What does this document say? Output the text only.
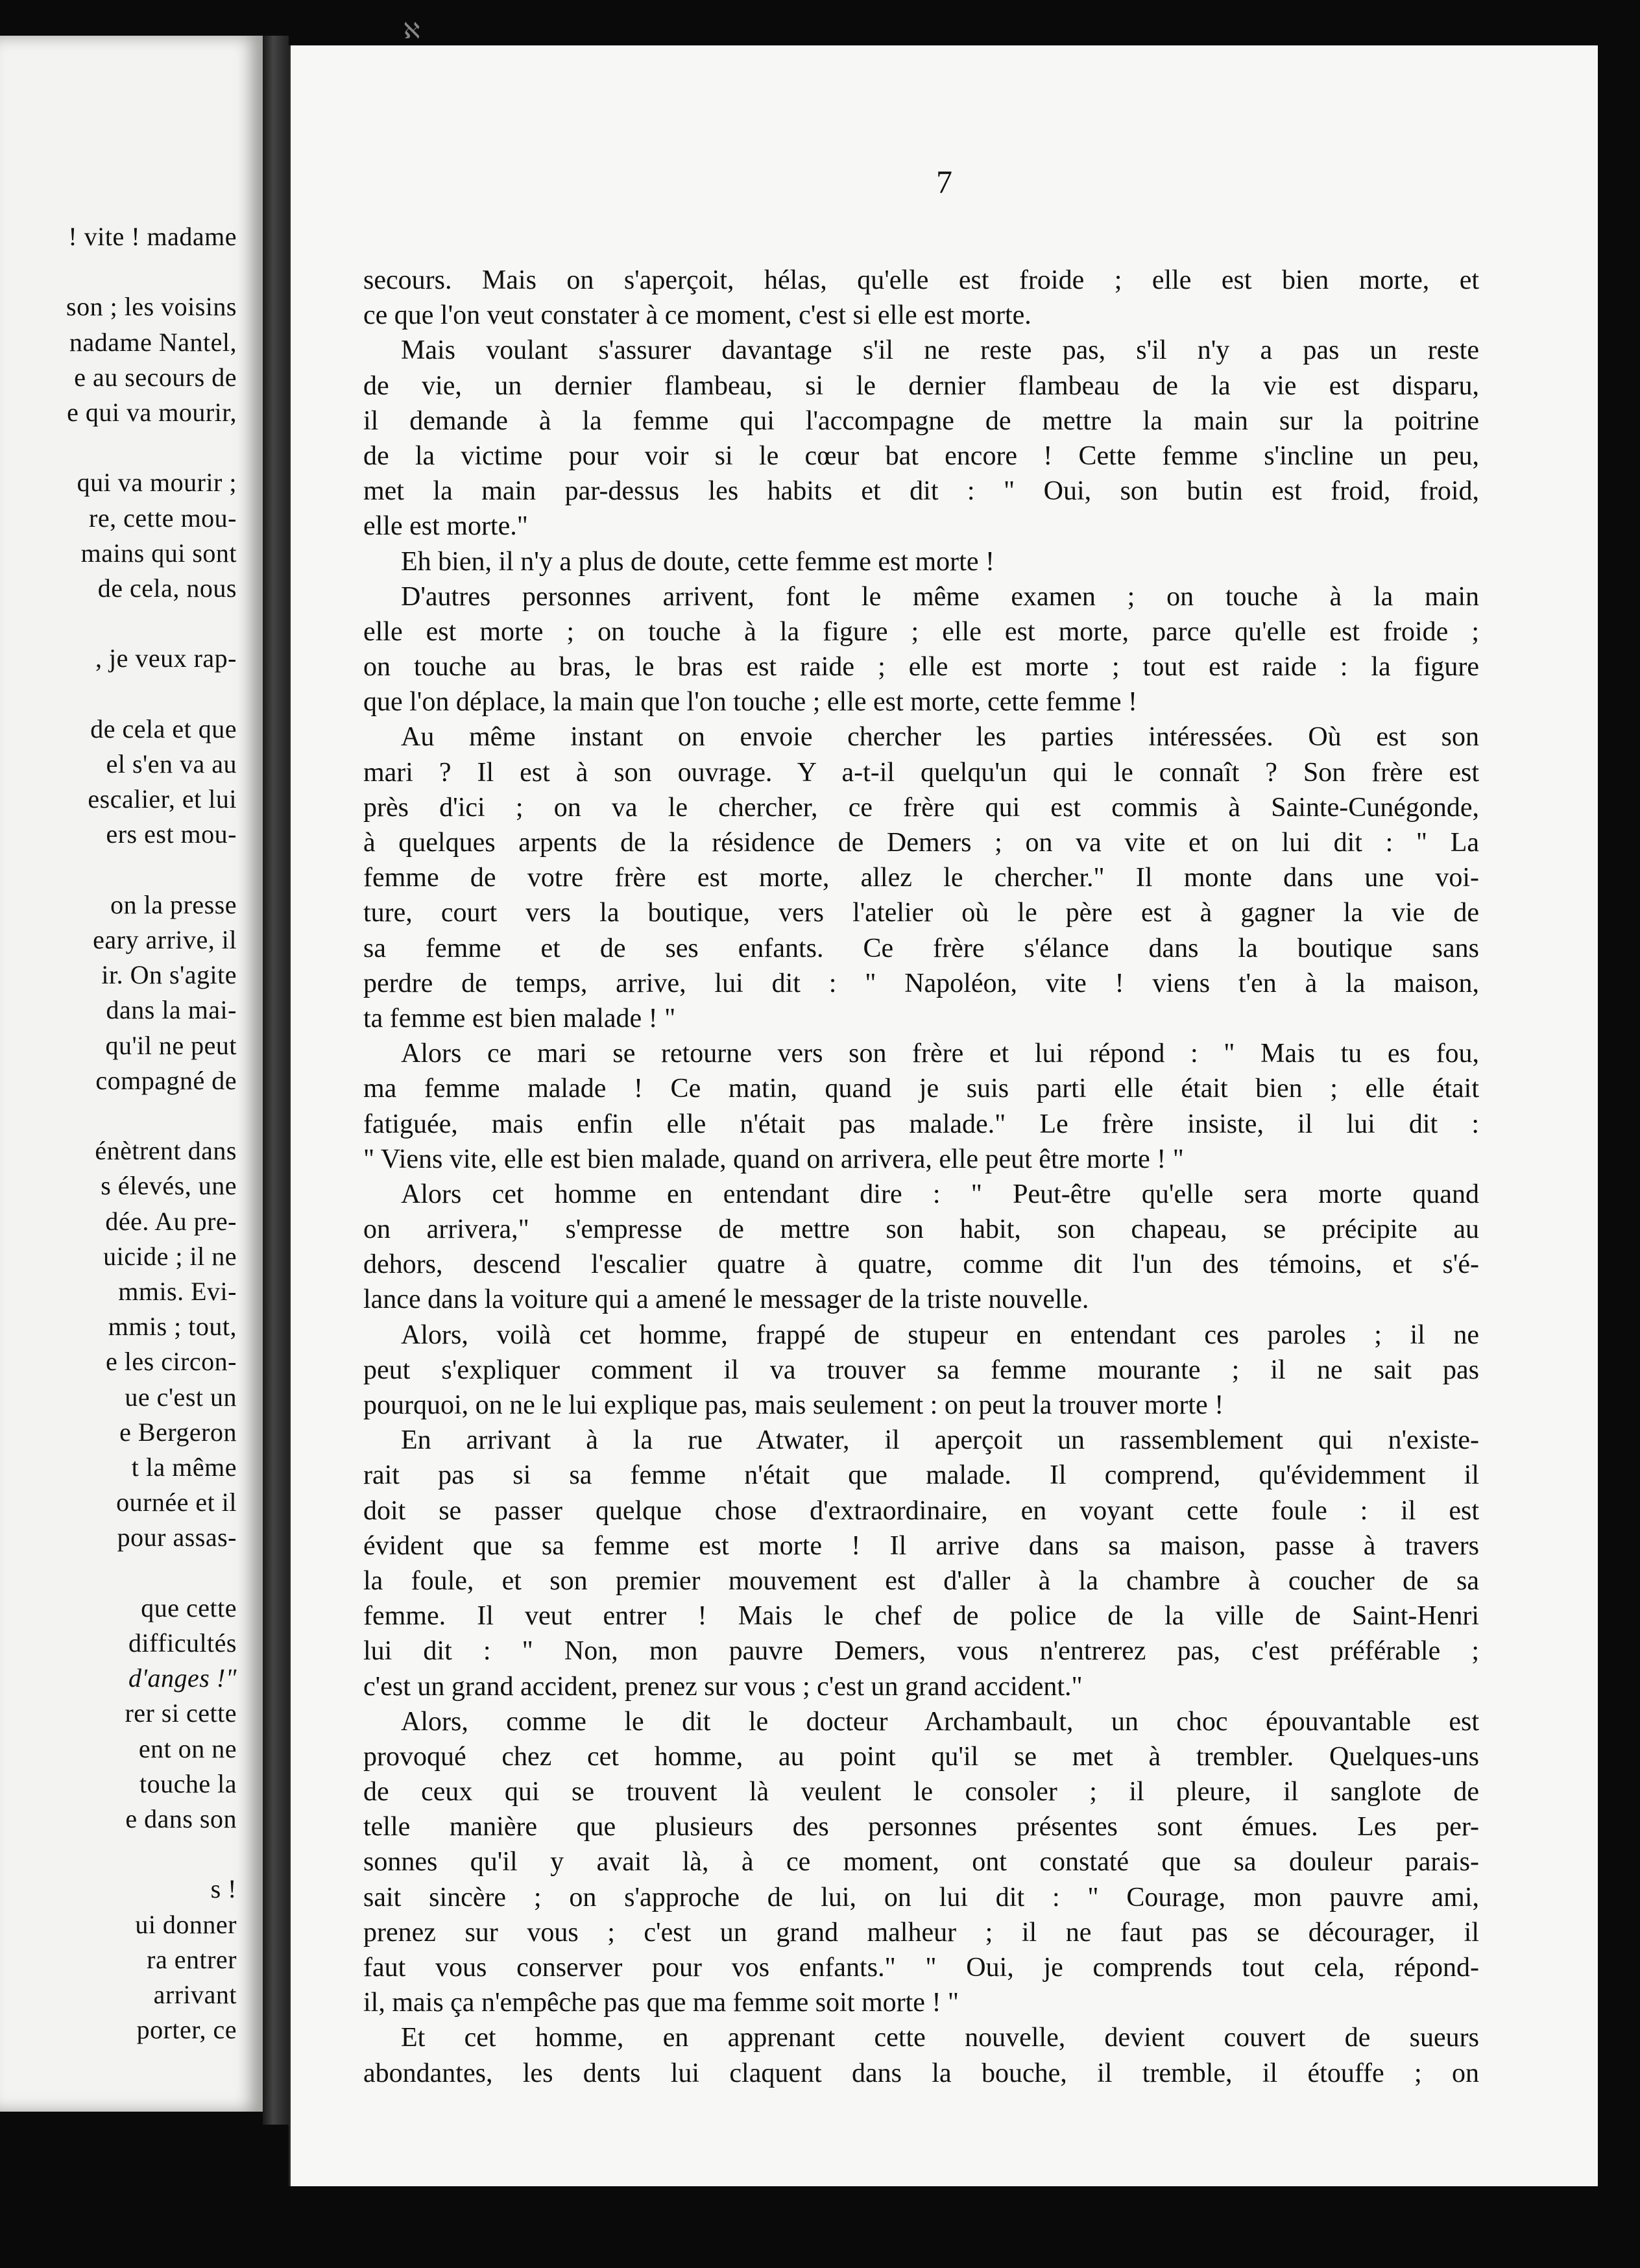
ℵ
! vite ! madame
son ; les voisins
nadame Nantel,
e au secours de
e qui va mourir,
qui va mourir ;
re, cette mou-
mains qui sont
de cela, nous
, je veux rap-
de cela et que
el s'en va au
escalier, et lui
ers est mou-
on la presse
eary arrive, il
ir. On s'agite
dans la mai-
qu'il ne peut
compagné de
énètrent dans
s élevés, une
dée. Au pre-
uicide ; il ne
mmis. Evi-
mmis ; tout,
e les circon-
ue c'est un
e Bergeron
t la même
ournée et il
pour assas-
que cette
difficultés
d'anges !"
rer si cette
ent on ne
touche la
e dans son
s !
ui donner
ra entrer
arrivant
porter, ce
7
secours. Mais on s'aperçoit, hélas, qu'elle est froide ; elle est bien morte, et
ce que l'on veut constater à ce moment, c'est si elle est morte.
Mais voulant s'assurer davantage s'il ne reste pas, s'il n'y a pas un reste
de vie, un dernier flambeau, si le dernier flambeau de la vie est disparu,
il demande à la femme qui l'accompagne de mettre la main sur la poitrine
de la victime pour voir si le cœur bat encore ! Cette femme s'incline un peu,
met la main par-dessus les habits et dit : " Oui, son butin est froid, froid,
elle est morte."
Eh bien, il n'y a plus de doute, cette femme est morte !
D'autres personnes arrivent, font le même examen ; on touche à la main
elle est morte ; on touche à la figure ; elle est morte, parce qu'elle est froide ;
on touche au bras, le bras est raide ; elle est morte ; tout est raide : la figure
que l'on déplace, la main que l'on touche ; elle est morte, cette femme !
Au même instant on envoie chercher les parties intéressées. Où est son
mari ? Il est à son ouvrage. Y a-t-il quelqu'un qui le connaît ? Son frère est
près d'ici ; on va le chercher, ce frère qui est commis à Sainte-Cunégonde,
à quelques arpents de la résidence de Demers ; on va vite et on lui dit : " La
femme de votre frère est morte, allez le chercher." Il monte dans une voi-
ture, court vers la boutique, vers l'atelier où le père est à gagner la vie de
sa femme et de ses enfants. Ce frère s'élance dans la boutique sans
perdre de temps, arrive, lui dit : " Napoléon, vite ! viens t'en à la maison,
ta femme est bien malade ! "
Alors ce mari se retourne vers son frère et lui répond : " Mais tu es fou,
ma femme malade ! Ce matin, quand je suis parti elle était bien ; elle était
fatiguée, mais enfin elle n'était pas malade." Le frère insiste, il lui dit :
" Viens vite, elle est bien malade, quand on arrivera, elle peut être morte ! "
Alors cet homme en entendant dire : " Peut-être qu'elle sera morte quand
on arrivera," s'empresse de mettre son habit, son chapeau, se précipite au
dehors, descend l'escalier quatre à quatre, comme dit l'un des témoins, et s'é-
lance dans la voiture qui a amené le messager de la triste nouvelle.
Alors, voilà cet homme, frappé de stupeur en entendant ces paroles ; il ne
peut s'expliquer comment il va trouver sa femme mourante ; il ne sait pas
pourquoi, on ne le lui explique pas, mais seulement : on peut la trouver morte !
En arrivant à la rue Atwater, il aperçoit un rassemblement qui n'existe-
rait pas si sa femme n'était que malade. Il comprend, qu'évidemment il
doit se passer quelque chose d'extraordinaire, en voyant cette foule : il est
évident que sa femme est morte ! Il arrive dans sa maison, passe à travers
la foule, et son premier mouvement est d'aller à la chambre à coucher de sa
femme. Il veut entrer ! Mais le chef de police de la ville de Saint-Henri
lui dit : " Non, mon pauvre Demers, vous n'entrerez pas, c'est préférable ;
c'est un grand accident, prenez sur vous ; c'est un grand accident."
Alors, comme le dit le docteur Archambault, un choc épouvantable est
provoqué chez cet homme, au point qu'il se met à trembler. Quelques-uns
de ceux qui se trouvent là veulent le consoler ; il pleure, il sanglote de
telle manière que plusieurs des personnes présentes sont émues. Les per-
sonnes qu'il y avait là, à ce moment, ont constaté que sa douleur parais-
sait sincère ; on s'approche de lui, on lui dit : " Courage, mon pauvre ami,
prenez sur vous ; c'est un grand malheur ; il ne faut pas se décourager, il
faut vous conserver pour vos enfants." " Oui, je comprends tout cela, répond-
il, mais ça n'empêche pas que ma femme soit morte ! "
Et cet homme, en apprenant cette nouvelle, devient couvert de sueurs
abondantes, les dents lui claquent dans la bouche, il tremble, il étouffe ; on
